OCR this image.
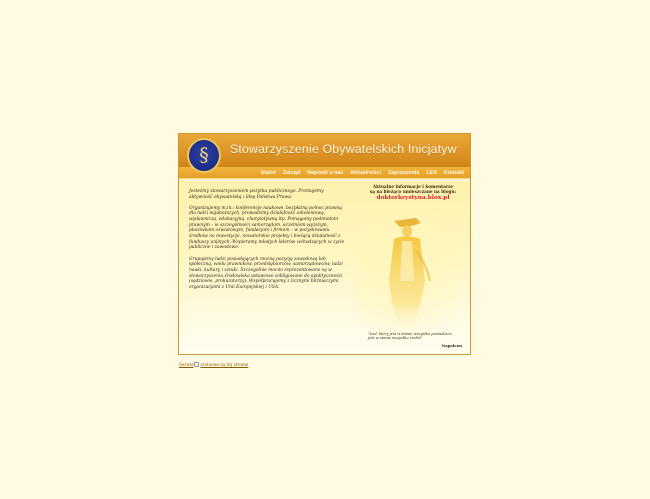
§ Stowarzyszenie Obywatelskich Inicjatyw
Statut Zarząd Napisali o nas Aktualności Zaproszenia LEX Kontakt

Jesteśmy stowarzyszeniem pożytku publicznego. Promujemy aktywność obywatelską i Ideę Państwa Prawa.

Organizujemy m.in.: konferencje naukowe, bezpłatną pomoc prawną dla ludzi najuboższych, prowadzimy działalność szkoleniową, wydawniczą, edukacyjną, charytatywną itp. Pomagamy podmiotom prawnym – w szczególności samorządom, uczelniom wyższym, placówkom oświatowym, fundacjom i firmom – w pozyskiwaniu środków na inwestycje, nowatorskie projekty i bieżącą działalność z funduszy unijnych. Wspieramy młodych liderów wchodzących w życie publiczne i zawodowe.

Grupujemy ludzi posiadających mocną pozycję zawodową lub społeczną, wielu prawników, przedsiębiorców, samorządowców, ludzi nauki, kultury i sztuki. Szczególnie mocno reprezentowane są w stowarzyszeniu środowiska ustawowo zobligowane do apolityczności (sędziowie, prokuratorzy). Współpracujemy z licznymi bliźniaczymi organizacjami z Unii Europejskiej i USA.

Aktualne informacje i komentarze
są na bieżąco umieszczane na blogu:
doktorkrystyna.blox.pl
"Lud, który jest w stanie wszystko powiedzieć, jest w stanie wszystko zrobić"
Napoleon
Serwis zrobione na tej stronie
